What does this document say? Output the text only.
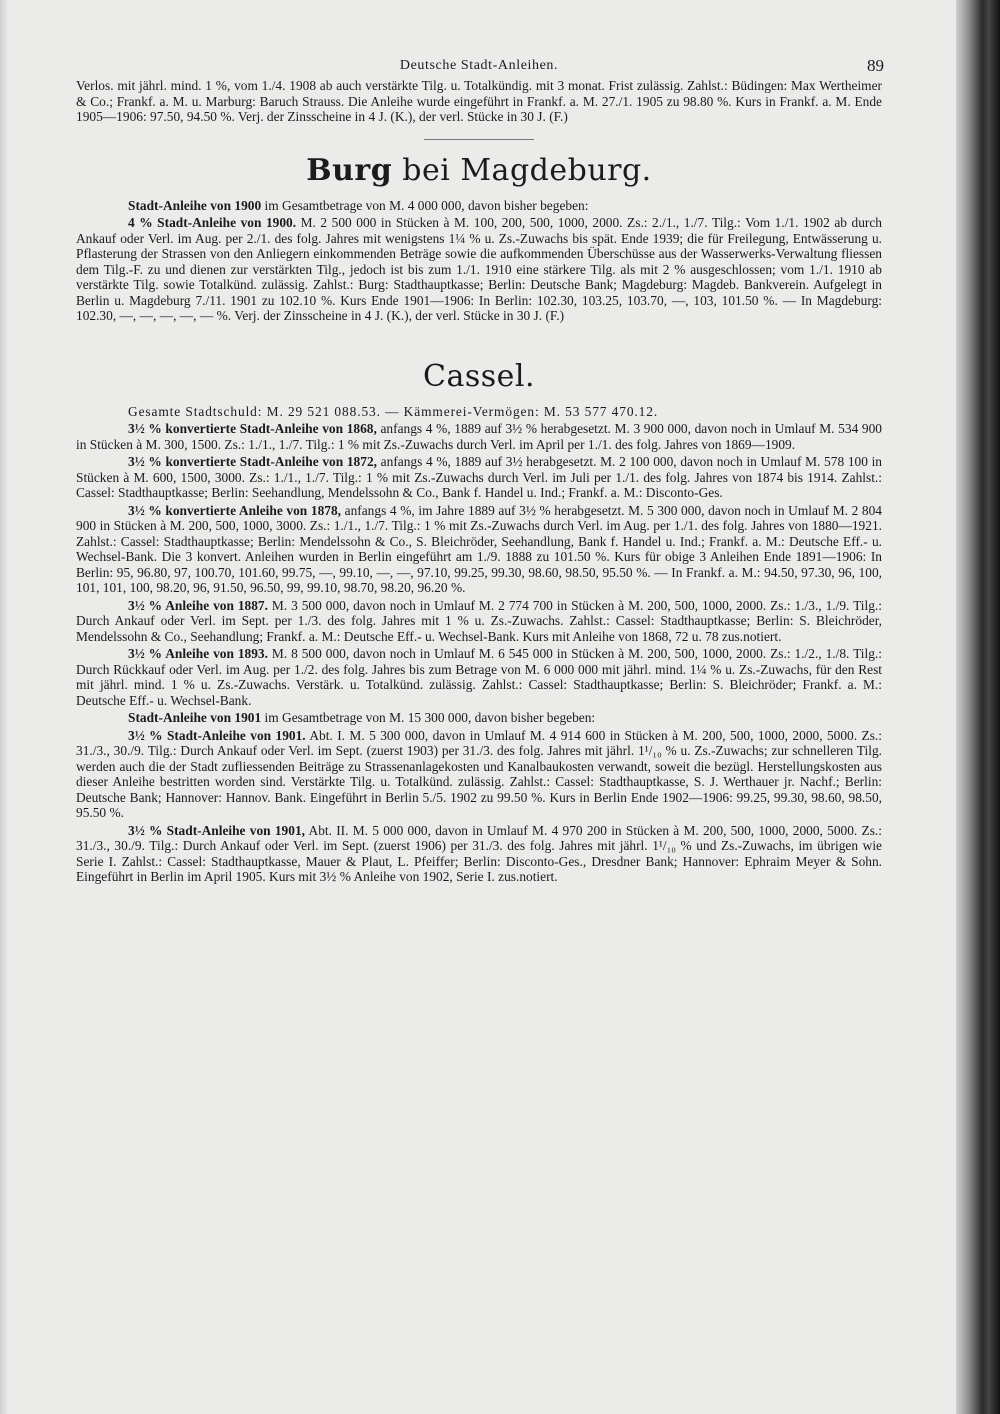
Deutsche Stadt-Anleihen.	89

Verlos. mit jährl. mind. 1 %, vom 1./4. 1908 ab auch verstärkte Tilg. u. Totalkündig. mit 3 monat. Frist zulässig. Zahlst.: Büdingen: Max Wertheimer & Co.; Frankf. a. M. u. Marburg: Baruch Strauss. Die Anleihe wurde eingeführt in Frankf. a. M. 27./1. 1905 zu 98.80 %. Kurs in Frankf. a. M. Ende 1905—1906: 97.50, 94.50 %. Verj. der Zinsscheine in 4 J. (K.), der verl. Stücke in 30 J. (F.)

Burg bei Magdeburg.

Stadt-Anleihe von 1900 im Gesamtbetrage von M. 4 000 000, davon bisher begeben:

4 % Stadt-Anleihe von 1900. M. 2 500 000 in Stücken à M. 100, 200, 500, 1000, 2000. Zs.: 2./1., 1./7. Tilg.: Vom 1./1. 1902 ab durch Ankauf oder Verl. im Aug. per 2./1. des folg. Jahres mit wenigstens 1¼ % u. Zs.-Zuwachs bis spät. Ende 1939; die für Freilegung, Entwässerung u. Pflasterung der Strassen von den Anliegern einkommenden Beträge sowie die aufkommenden Überschüsse aus der Wasserwerks-Verwaltung fliessen dem Tilg.-F. zu und dienen zur verstärkten Tilg., jedoch ist bis zum 1./1. 1910 eine stärkere Tilg. als mit 2 % ausgeschlossen; vom 1./1. 1910 ab verstärkte Tilg. sowie Totalkünd. zulässig. Zahlst.: Burg: Stadthauptkasse; Berlin: Deutsche Bank; Magdeburg: Magdeb. Bankverein. Aufgelegt in Berlin u. Magdeburg 7./11. 1901 zu 102.10 %. Kurs Ende 1901—1906: In Berlin: 102.30, 103.25, 103.70, —, 103, 101.50 %. — In Magdeburg: 102.30, —, —, —, —, — %. Verj. der Zinsscheine in 4 J. (K.), der verl. Stücke in 30 J. (F.)

Cassel.

Gesamte Stadtschuld: M. 29 521 088.53. — Kämmerei-Vermögen: M. 53 577 470.12.

3½ % konvertierte Stadt-Anleihe von 1868, anfangs 4 %, 1889 auf 3½ % herabgesetzt. M. 3 900 000, davon noch in Umlauf M. 534 900 in Stücken à M. 300, 1500. Zs.: 1./1., 1./7. Tilg.: 1 % mit Zs.-Zuwachs durch Verl. im April per 1./1. des folg. Jahres von 1869—1909.

3½ % konvertierte Stadt-Anleihe von 1872, anfangs 4 %, 1889 auf 3½ herabgesetzt. M. 2 100 000, davon noch in Umlauf M. 578 100 in Stücken à M. 600, 1500, 3000. Zs.: 1./1., 1./7. Tilg.: 1 % mit Zs.-Zuwachs durch Verl. im Juli per 1./1. des folg. Jahres von 1874 bis 1914. Zahlst.: Cassel: Stadthauptkasse; Berlin: Seehandlung, Mendelssohn & Co., Bank f. Handel u. Ind.; Frankf. a. M.: Disconto-Ges.

3½ % konvertierte Anleihe von 1878, anfangs 4 %, im Jahre 1889 auf 3½ % herabgesetzt. M. 5 300 000, davon noch in Umlauf M. 2 804 900 in Stücken à M. 200, 500, 1000, 3000. Zs.: 1./1., 1./7. Tilg.: 1 % mit Zs.-Zuwachs durch Verl. im Aug. per 1./1. des folg. Jahres von 1880—1921. Zahlst.: Cassel: Stadthauptkasse; Berlin: Mendelssohn & Co., S. Bleichröder, Seehandlung, Bank f. Handel u. Ind.; Frankf. a. M.: Deutsche Eff.- u. Wechsel-Bank. Die 3 konvert. Anleihen wurden in Berlin eingeführt am 1./9. 1888 zu 101.50 %. Kurs für obige 3 Anleihen Ende 1891—1906: In Berlin: 95, 96.80, 97, 100.70, 101.60, 99.75, —, 99.10, —, —, 97.10, 99.25, 99.30, 98.60, 98.50, 95.50 %. — In Frankf. a. M.: 94.50, 97.30, 96, 100, 101, 101, 100, 98.20, 96, 91.50, 96.50, 99, 99.10, 98.70, 98.20, 96.20 %.

3½ % Anleihe von 1887. M. 3 500 000, davon noch in Umlauf M. 2 774 700 in Stücken à M. 200, 500, 1000, 2000. Zs.: 1./3., 1./9. Tilg.: Durch Ankauf oder Verl. im Sept. per 1./3. des folg. Jahres mit 1 % u. Zs.-Zuwachs. Zahlst.: Cassel: Stadthauptkasse; Berlin: S. Bleichröder, Mendelssohn & Co., Seehandlung; Frankf. a. M.: Deutsche Eff.- u. Wechsel-Bank. Kurs mit Anleihe von 1868, 72 u. 78 zus.notiert.

3½ % Anleihe von 1893. M. 8 500 000, davon noch in Umlauf M. 6 545 000 in Stücken à M. 200, 500, 1000, 2000. Zs.: 1./2., 1./8. Tilg.: Durch Rückkauf oder Verl. im Aug. per 1./2. des folg. Jahres bis zum Betrage von M. 6 000 000 mit jährl. mind. 1¼ % u. Zs.-Zuwachs, für den Rest mit jährl. mind. 1 % u. Zs.-Zuwachs. Verstärk. u. Totalkünd. zulässig. Zahlst.: Cassel: Stadthauptkasse; Berlin: S. Bleichröder; Frankf. a. M.: Deutsche Eff.- u. Wechsel-Bank.

Stadt-Anleihe von 1901 im Gesamtbetrage von M. 15 300 000, davon bisher begeben:

3½ % Stadt-Anleihe von 1901. Abt. I. M. 5 300 000, davon in Umlauf M. 4 914 600 in Stücken à M. 200, 500, 1000, 2000, 5000. Zs.: 31./3., 30./9. Tilg.: Durch Ankauf oder Verl. im Sept. (zuerst 1903) per 31./3. des folg. Jahres mit jährl. 1¹/₁₀ % u. Zs.-Zuwachs; zur schnelleren Tilg. werden auch die der Stadt zufliessenden Beiträge zu Strassenanlagekosten und Kanalbaukosten verwandt, soweit die bezügl. Herstellungskosten aus dieser Anleihe bestritten worden sind. Verstärkte Tilg. u. Totalkünd. zulässig. Zahlst.: Cassel: Stadthauptkasse, S. J. Werthauer jr. Nachf.; Berlin: Deutsche Bank; Hannover: Hannov. Bank. Eingeführt in Berlin 5./5. 1902 zu 99.50 %. Kurs in Berlin Ende 1902—1906: 99.25, 99.30, 98.60, 98.50, 95.50 %.

3½ % Stadt-Anleihe von 1901, Abt. II. M. 5 000 000, davon in Umlauf M. 4 970 200 in Stücken à M. 200, 500, 1000, 2000, 5000. Zs.: 31./3., 30./9. Tilg.: Durch Ankauf oder Verl. im Sept. (zuerst 1906) per 31./3. des folg. Jahres mit jährl. 1¹/₁₀ % und Zs.-Zuwachs, im übrigen wie Serie I. Zahlst.: Cassel: Stadthauptkasse, Mauer & Plaut, L. Pfeiffer; Berlin: Disconto-Ges., Dresdner Bank; Hannover: Ephraim Meyer & Sohn. Eingeführt in Berlin im April 1905. Kurs mit 3½ % Anleihe von 1902, Serie I. zus.notiert.
